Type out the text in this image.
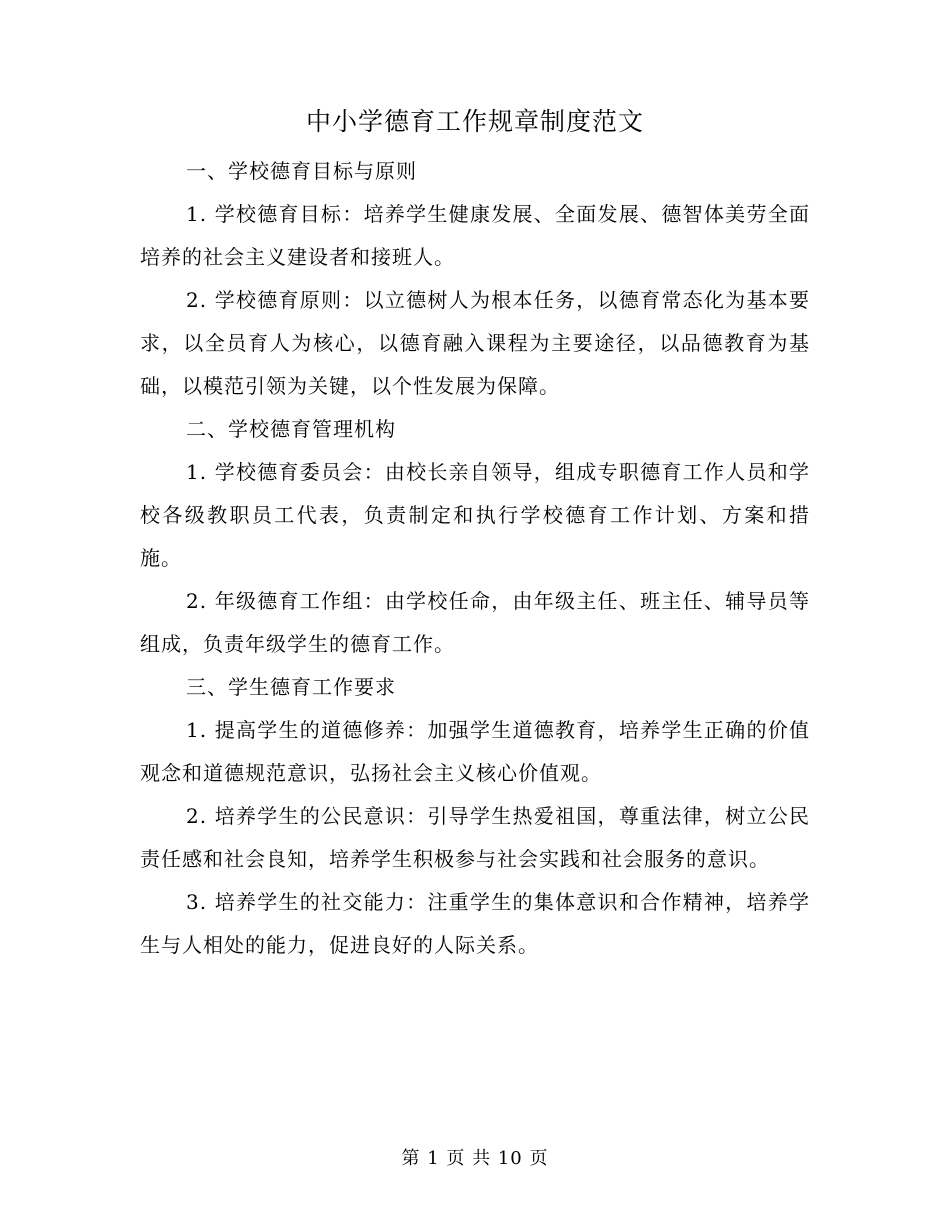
中小学德育工作规章制度范文

一、学校德育目标与原则

1. 学校德育目标：培养学生健康发展、全面发展、德智体美劳全面培养的社会主义建设者和接班人。

2. 学校德育原则：以立德树人为根本任务，以德育常态化为基本要求，以全员育人为核心，以德育融入课程为主要途径，以品德教育为基础，以模范引领为关键，以个性发展为保障。

二、学校德育管理机构

1. 学校德育委员会：由校长亲自领导，组成专职德育工作人员和学校各级教职员工代表，负责制定和执行学校德育工作计划、方案和措施。

2. 年级德育工作组：由学校任命，由年级主任、班主任、辅导员等组成，负责年级学生的德育工作。

三、学生德育工作要求

1. 提高学生的道德修养：加强学生道德教育，培养学生正确的价值观念和道德规范意识，弘扬社会主义核心价值观。

2. 培养学生的公民意识：引导学生热爱祖国，尊重法律，树立公民责任感和社会良知，培养学生积极参与社会实践和社会服务的意识。

3. 培养学生的社交能力：注重学生的集体意识和合作精神，培养学生与人相处的能力，促进良好的人际关系。

第 1 页 共 10 页
